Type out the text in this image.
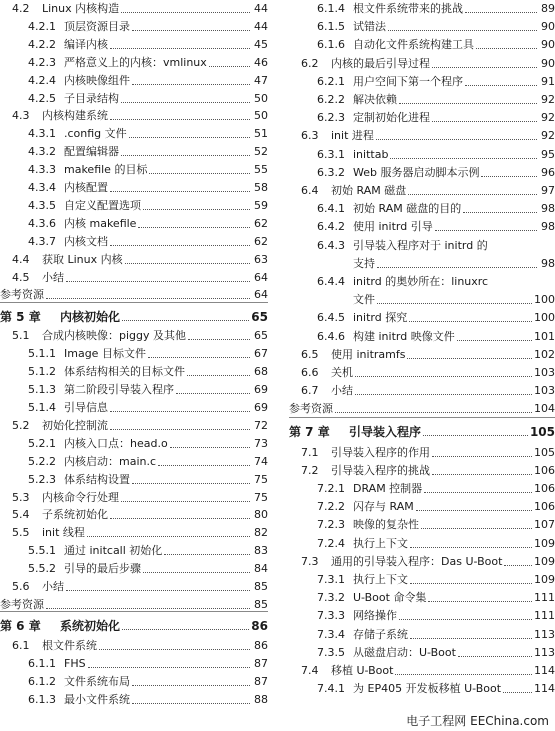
4.2	Linux 内核构造	44
4.2.1 顶层资源目录	44
4.2.2 编译内核	45
4.2.3 严格意义上的内核：vmlinux	46
4.2.4 内核映像组件	47
4.2.5 子目录结构	50
4.3	内核构建系统	50
4.3.1 .config 文件	51
4.3.2 配置编辑器	52
4.3.3 makefile 的目标	55
4.3.4 内核配置	58
4.3.5 自定义配置选项	59
4.3.6 内核 makefile	62
4.3.7 内核文档	62
4.4	获取 Linux 内核	63
4.5	小结	64
参考资源	64
第 5 章	内核初始化	65
5.1	合成内核映像：piggy 及其他	65
5.1.1 Image 目标文件	67
5.1.2 体系结构相关的目标文件	68
5.1.3 第二阶段引导装入程序	69
5.1.4 引导信息	69
5.2	初始化控制流	72
5.2.1 内核入口点：head.o	73
5.2.2 内核启动：main.c	74
5.2.3 体系结构设置	75
5.3	内核命令行处理	75
5.4	子系统初始化	80
5.5	init 线程	82
5.5.1 通过 initcall 初始化	83
5.5.2 引导的最后步骤	84
5.6	小结	85
参考资源	85
第 6 章	系统初始化	86
6.1	根文件系统	86
6.1.1 FHS	87
6.1.2 文件系统布局	87
6.1.3 最小文件系统	88
6.1.4 根文件系统带来的挑战	89
6.1.5 试错法	90
6.1.6 自动化文件系统构建工具	90
6.2	内核的最后引导过程	90
6.2.1 用户空间下第一个程序	91
6.2.2 解决依赖	92
6.2.3 定制初始化进程	92
6.3	init 进程	92
6.3.1 inittab	95
6.3.2 Web 服务器启动脚本示例	96
6.4	初始 RAM 磁盘	97
6.4.1 初始 RAM 磁盘的目的	98
6.4.2 使用 initrd 引导	98
6.4.3 引导装入程序对于 initrd 的
支持	98
6.4.4 initrd 的奥妙所在：linuxrc
文件	100
6.4.5 initrd 探究	100
6.4.6 构建 initrd 映像文件	101
6.5	使用 initramfs	102
6.6	关机	103
6.7	小结	103
参考资源	104
第 7 章	引导装入程序	105
7.1	引导装入程序的作用	105
7.2	引导装入程序的挑战	106
7.2.1 DRAM 控制器	106
7.2.2 闪存与 RAM	106
7.2.3 映像的复杂性	107
7.2.4 执行上下文	109
7.3	通用的引导装入程序：Das U-Boot	109
7.3.1 执行上下文	109
7.3.2 U-Boot 命令集	111
7.3.3 网络操作	111
7.3.4 存储子系统	113
7.3.5 从磁盘启动：U-Boot	113
7.4	移植 U-Boot	114
7.4.1 为 EP405 开发板移植 U-Boot	114
电子工程网 EEChina.com
